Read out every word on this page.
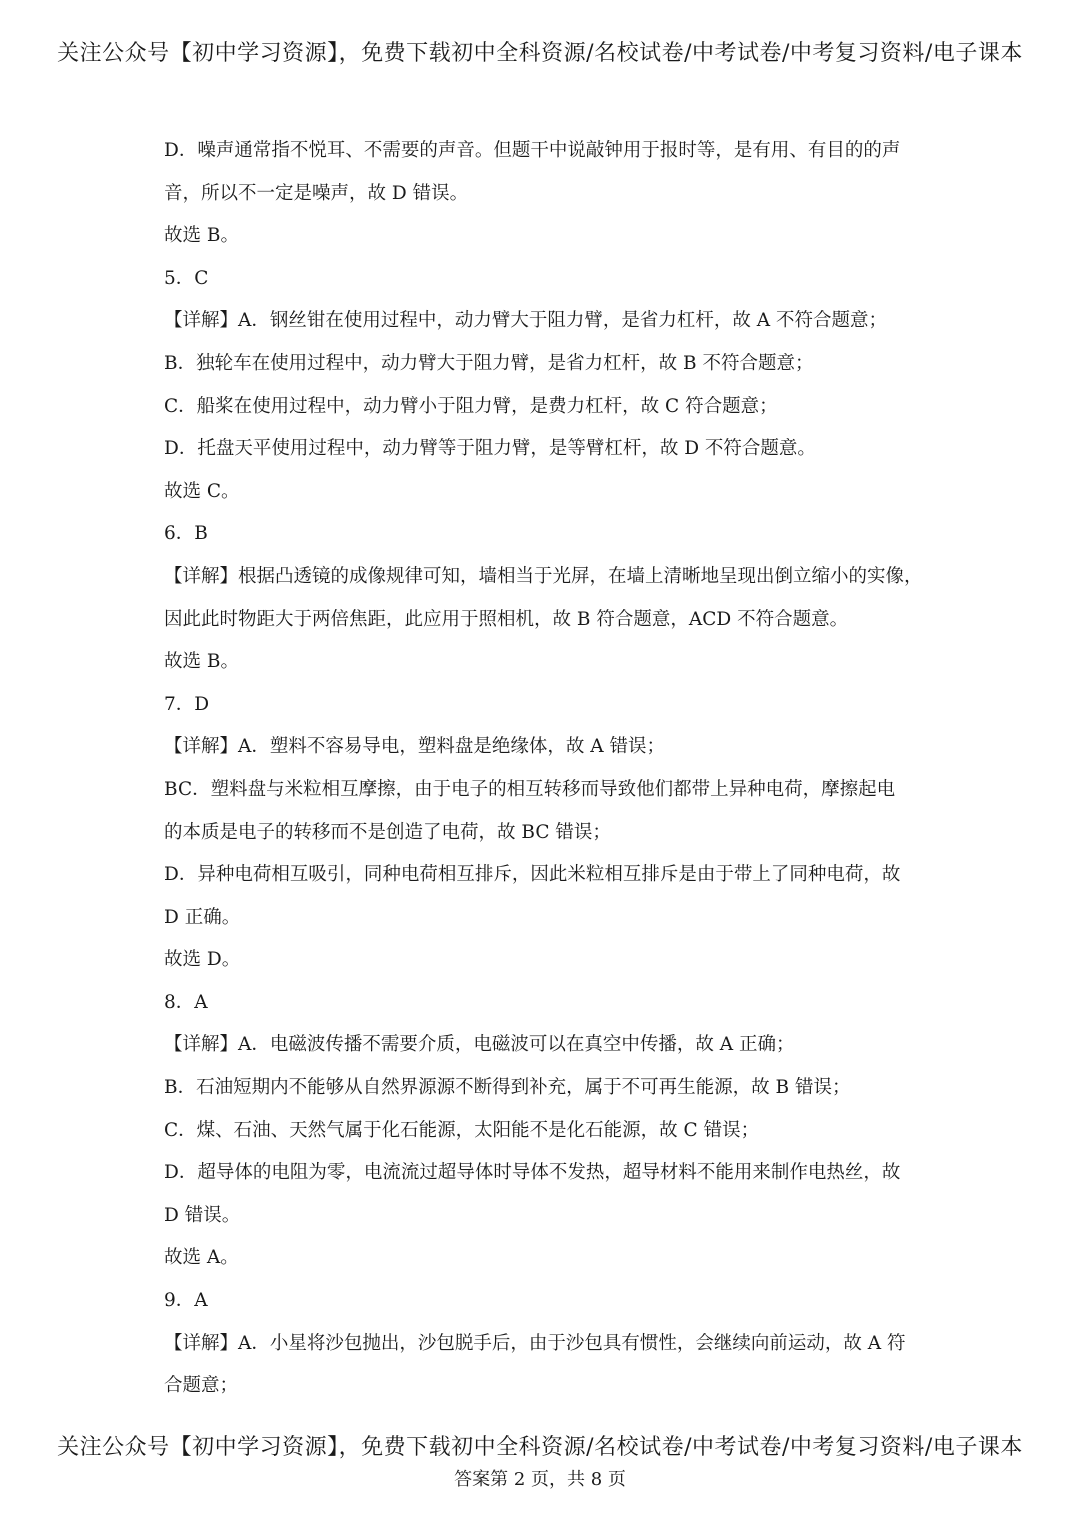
关注公众号【初中学习资源】，免费下载初中全科资源/名校试卷/中考试卷/中考复习资料/电子课本
D．噪声通常指不悦耳、不需要的声音。但题干中说敲钟用于报时等，是有用、有目的的声
音，所以不一定是噪声，故 D 错误。
故选 B。
5．C
【详解】A．钢丝钳在使用过程中，动力臂大于阻力臂，是省力杠杆，故 A 不符合题意；
B．独轮车在使用过程中，动力臂大于阻力臂，是省力杠杆，故 B 不符合题意；
C．船桨在使用过程中，动力臂小于阻力臂，是费力杠杆，故 C 符合题意；
D．托盘天平使用过程中，动力臂等于阻力臂，是等臂杠杆，故 D 不符合题意。
故选 C。
6．B
【详解】根据凸透镜的成像规律可知，墙相当于光屏，在墙上清晰地呈现出倒立缩小的实像，
因此此时物距大于两倍焦距，此应用于照相机，故 B 符合题意，ACD 不符合题意。
故选 B。
7．D
【详解】A．塑料不容易导电，塑料盘是绝缘体，故 A 错误；
BC．塑料盘与米粒相互摩擦，由于电子的相互转移而导致他们都带上异种电荷，摩擦起电
的本质是电子的转移而不是创造了电荷，故 BC 错误；
D．异种电荷相互吸引，同种电荷相互排斥，因此米粒相互排斥是由于带上了同种电荷，故
D 正确。
故选 D。
8．A
【详解】A．电磁波传播不需要介质，电磁波可以在真空中传播，故 A 正确；
B．石油短期内不能够从自然界源源不断得到补充，属于不可再生能源，故 B 错误；
C．煤、石油、天然气属于化石能源，太阳能不是化石能源，故 C 错误；
D．超导体的电阻为零，电流流过超导体时导体不发热，超导材料不能用来制作电热丝，故
D 错误。
故选 A。
9．A
【详解】A．小星将沙包抛出，沙包脱手后，由于沙包具有惯性，会继续向前运动，故 A 符
合题意；
关注公众号【初中学习资源】，免费下载初中全科资源/名校试卷/中考试卷/中考复习资料/电子课本
答案第 2 页，共 8 页
